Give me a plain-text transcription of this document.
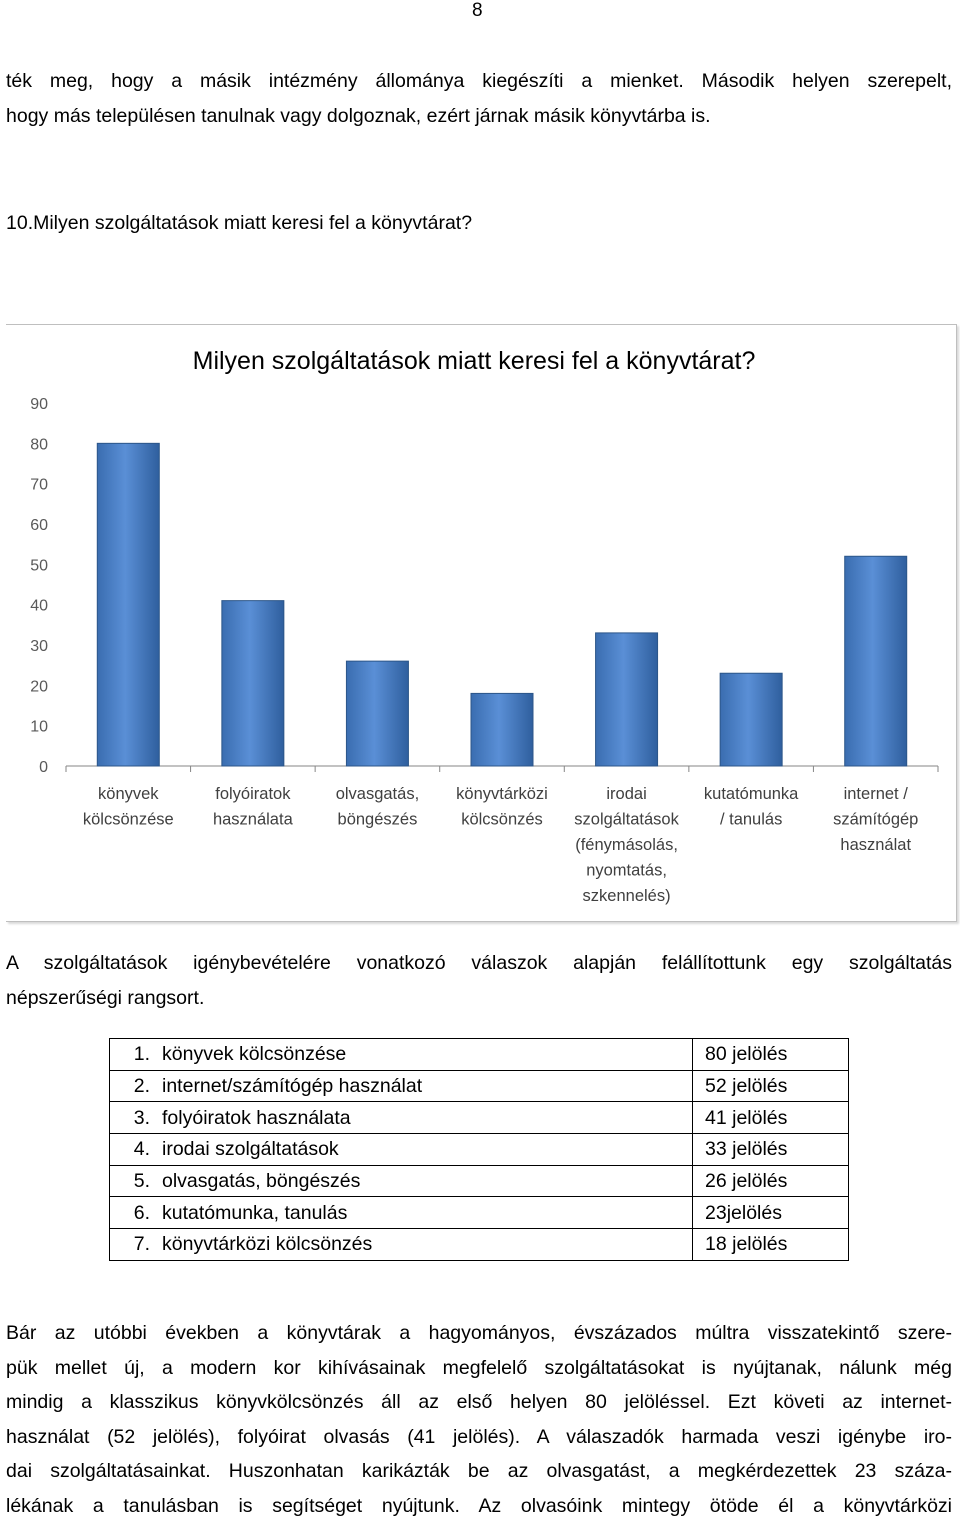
8

ték meg, hogy a másik intézmény állománya kiegészíti a mienket. Második helyen szerepelt,

hogy más településen tanulnak vagy dolgoznak, ezért járnak másik könyvtárba is.

10.Milyen szolgáltatások miatt keresi fel a könyvtárat?
Milyen szolgáltatások miatt keresi fel a könyvtárat?
0
10
20
30
40
50
60
70
80
90
könyvek
kölcsönzése
folyóiratok
használata
olvasgatás,
böngészés
könyvtárközi
kölcsönzés
irodai
szolgáltatások
(fénymásolás,
nyomtatás,
szkennelés)
kutatómunka
/ tanulás
internet /
számítógép
használat

A szolgáltatások igénybevételére vonatkozó válaszok alapján felállítottunk egy szolgáltatás

népszerűségi rangsort.

1.	könyvek kölcsönzése	80 jelölés
2.	internet/számítógép használat	52 jelölés
3.	folyóiratok használata	41 jelölés
4.	irodai szolgáltatások	33 jelölés
5.	olvasgatás, böngészés	26 jelölés
6.	kutatómunka, tanulás	23jelölés
7.	könyvtárközi kölcsönzés	18 jelölés

Bár az utóbbi években a könyvtárak a hagyományos, évszázados múltra visszatekintő szere-

pük mellet új, a modern kor kihívásainak megfelelő szolgáltatásokat is nyújtanak, nálunk még

mindig a klasszikus könyvkölcsönzés áll az első helyen 80 jelöléssel. Ezt követi az internet-

használat (52 jelölés), folyóirat olvasás (41 jelölés). A válaszadók harmada veszi igénybe iro-

dai szolgáltatásainkat. Huszonhatan karikázták be az olvasgatást, a megkérdezettek 23 száza-

lékának a tanulásban is segítséget nyújtunk. Az olvasóink mintegy ötöde él a könyvtárközi
